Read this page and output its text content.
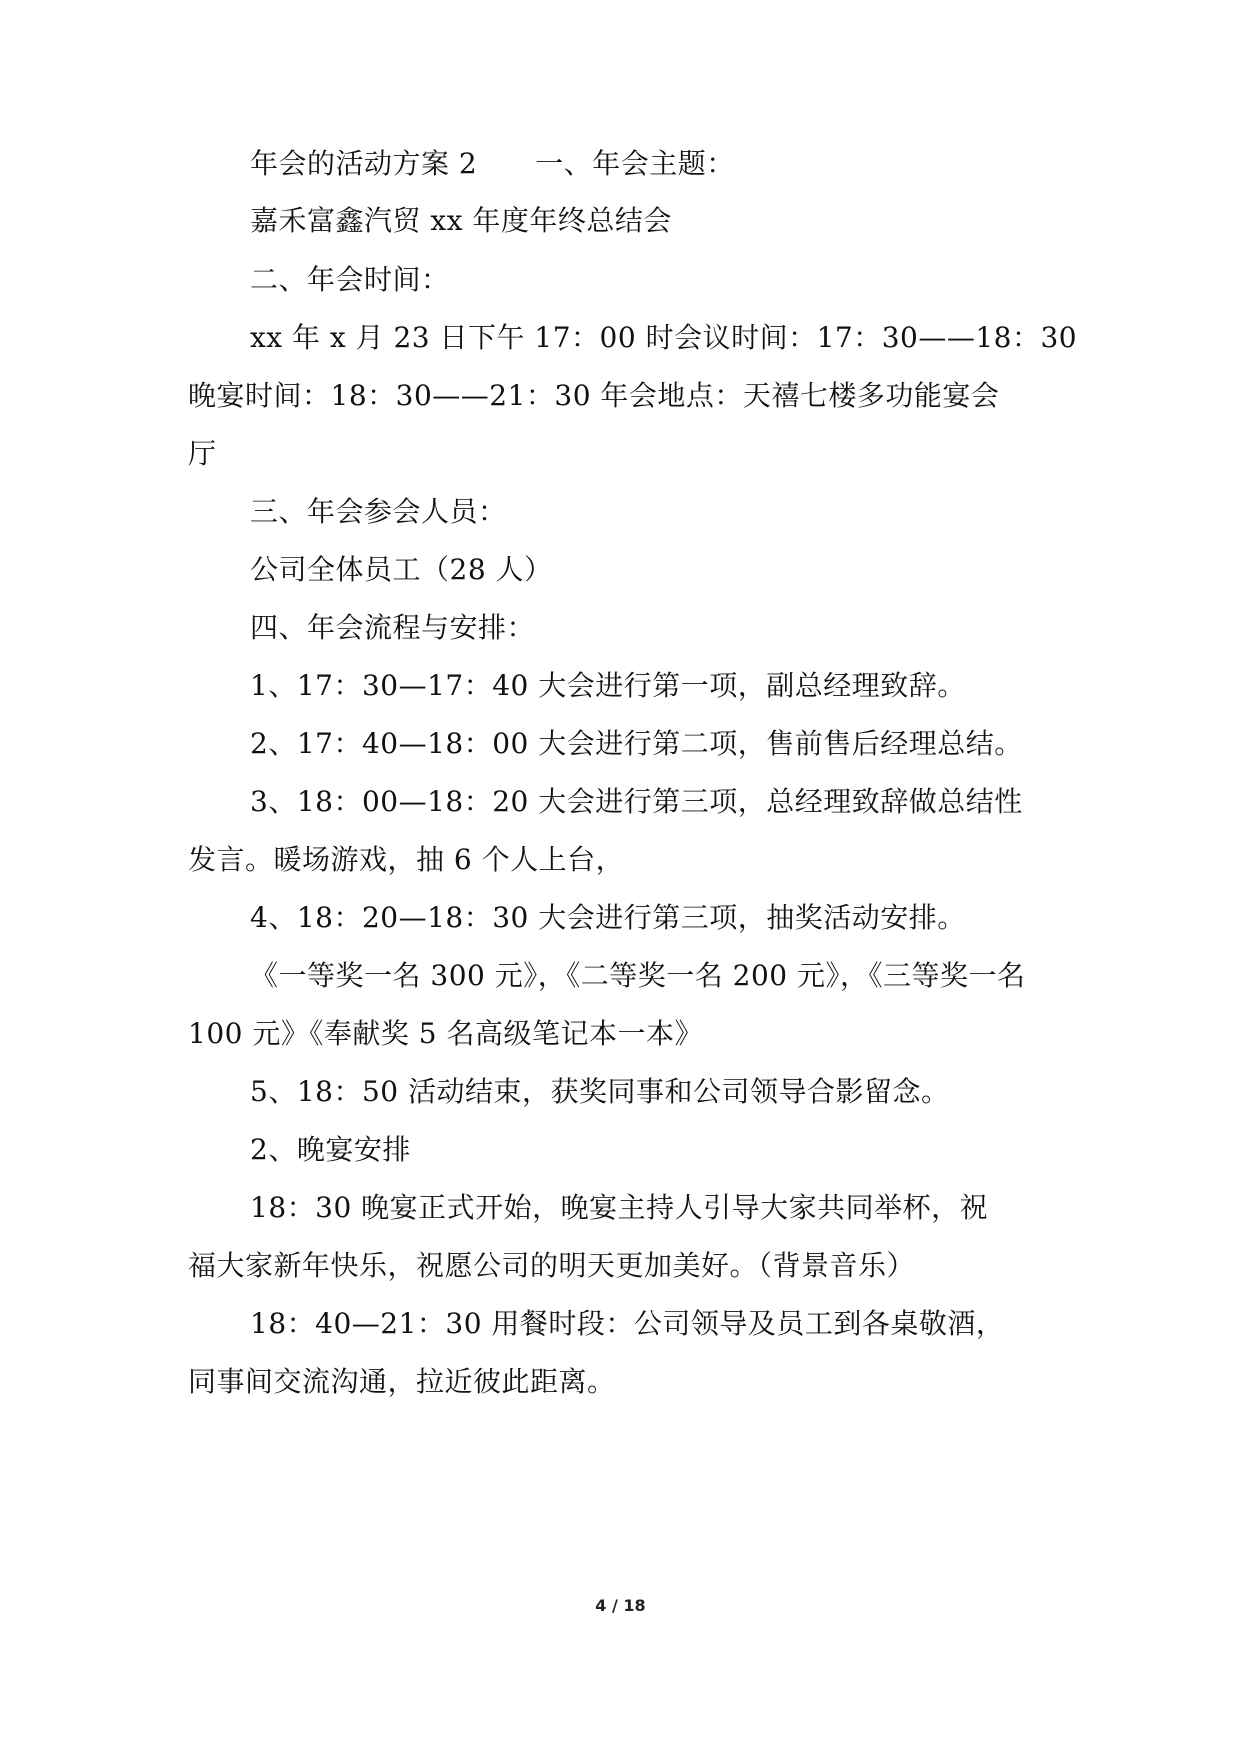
年会的活动方案 2 一、年会主题：
嘉禾富鑫汽贸 xx 年度年终总结会
二、年会时间：
xx 年 x 月 23 日下午 17：00 时会议时间：17：30——18：30
晚宴时间：18：30——21：30 年会地点：天禧七楼多功能宴会
厅
三、年会参会人员：
公司全体员工（28 人）
四、年会流程与安排：
1、17：30—17：40 大会进行第一项，副总经理致辞。
2、17：40—18：00 大会进行第二项，售前售后经理总结。
3、18：00—18：20 大会进行第三项，总经理致辞做总结性
发言。暖场游戏，抽 6 个人上台，
4、18：20—18：30 大会进行第三项，抽奖活动安排。
《一等奖一名 300 元》，《二等奖一名 200 元》，《三等奖一名
100 元》《奉献奖 5 名高级笔记本一本》
5、18：50 活动结束，获奖同事和公司领导合影留念。
2、晚宴安排
18：30 晚宴正式开始，晚宴主持人引导大家共同举杯，祝
福大家新年快乐，祝愿公司的明天更加美好。（背景音乐）
18：40—21：30 用餐时段：公司领导及员工到各桌敬酒，
同事间交流沟通，拉近彼此距离。
4 / 18
